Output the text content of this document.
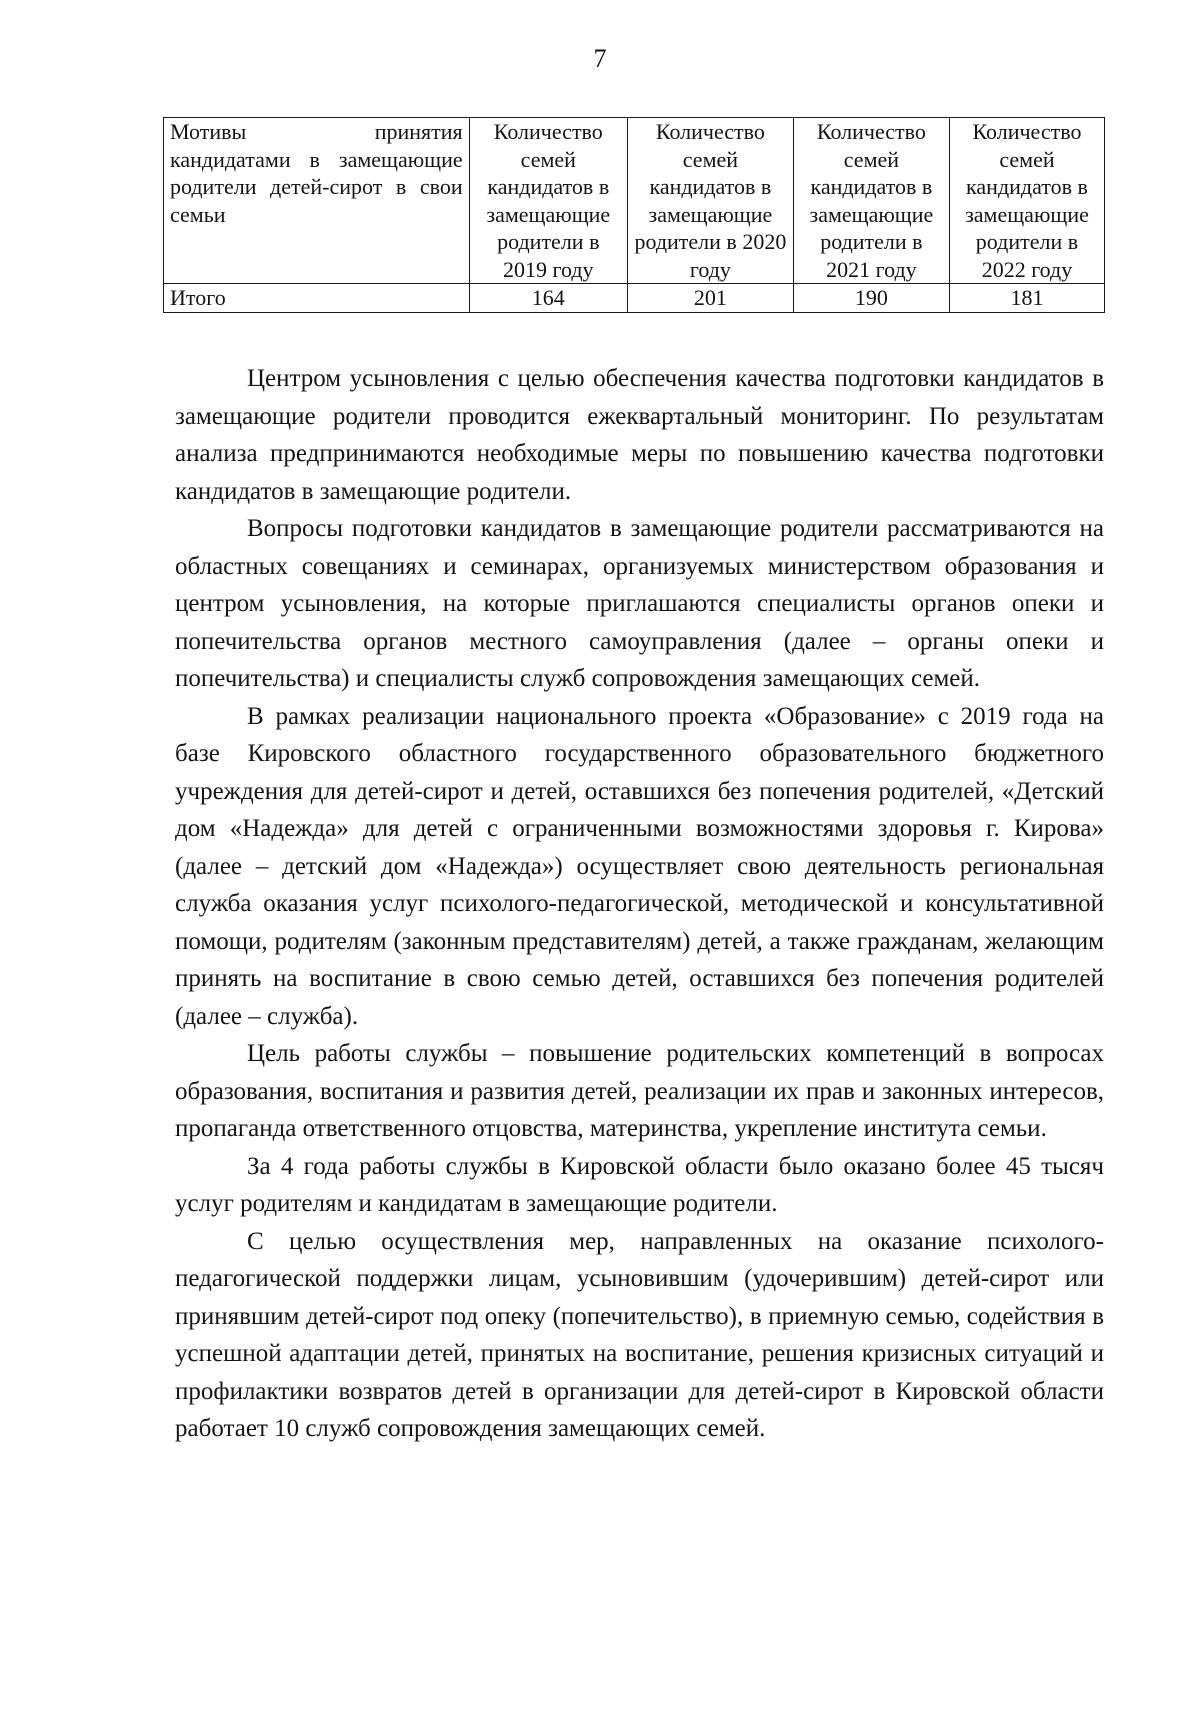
7
Мотивы принятия кандидатами в замещающие родители детей-сирот в свои семьи	Количество семей кандидатов в замещающие родители в 2019 году	Количество семей кандидатов в замещающие родители в 2020 году	Количество семей кандидатов в замещающие родители в 2021 году	Количество семей кандидатов в замещающие родители в 2022 году
Итого	164	201	190	181

Центром усыновления с целью обеспечения качества подготовки кандидатов в замещающие родители проводится ежеквартальный мониторинг. По результатам анализа предпринимаются необходимые меры по повышению качества подготовки кандидатов в замещающие родители.

Вопросы подготовки кандидатов в замещающие родители рассматриваются на областных совещаниях и семинарах, организуемых министерством образования и центром усыновления, на которые приглашаются специалисты органов опеки и попечительства органов местного самоуправления (далее – органы опеки и попечительства) и специалисты служб сопровождения замещающих семей.

В рамках реализации национального проекта «Образование» с 2019 года на базе Кировского областного государственного образовательного бюджетного учреждения для детей-сирот и детей, оставшихся без попечения родителей, «Детский дом «Надежда» для детей с ограниченными возможностями здоровья г. Кирова» (далее – детский дом «Надежда») осуществляет свою деятельность региональная служба оказания услуг психолого-педагогической, методической и консультативной помощи, родителям (законным представителям) детей, а также гражданам, желающим принять на воспитание в свою семью детей, оставшихся без попечения родителей (далее – служба).

Цель работы службы – повышение родительских компетенций в вопросах образования, воспитания и развития детей, реализации их прав и законных интересов, пропаганда ответственного отцовства, материнства, укрепление института семьи.

За 4 года работы службы в Кировской области было оказано более 45 тысяч услуг родителям и кандидатам в замещающие родители.

С целью осуществления мер, направленных на оказание психолого-педагогической поддержки лицам, усыновившим (удочерившим) детей-сирот или принявшим детей-сирот под опеку (попечительство), в приемную семью, содействия в успешной адаптации детей, принятых на воспитание, решения кризисных ситуаций и профилактики возвратов детей в организации для детей-сирот в Кировской области работает 10 служб сопровождения замещающих семей.
